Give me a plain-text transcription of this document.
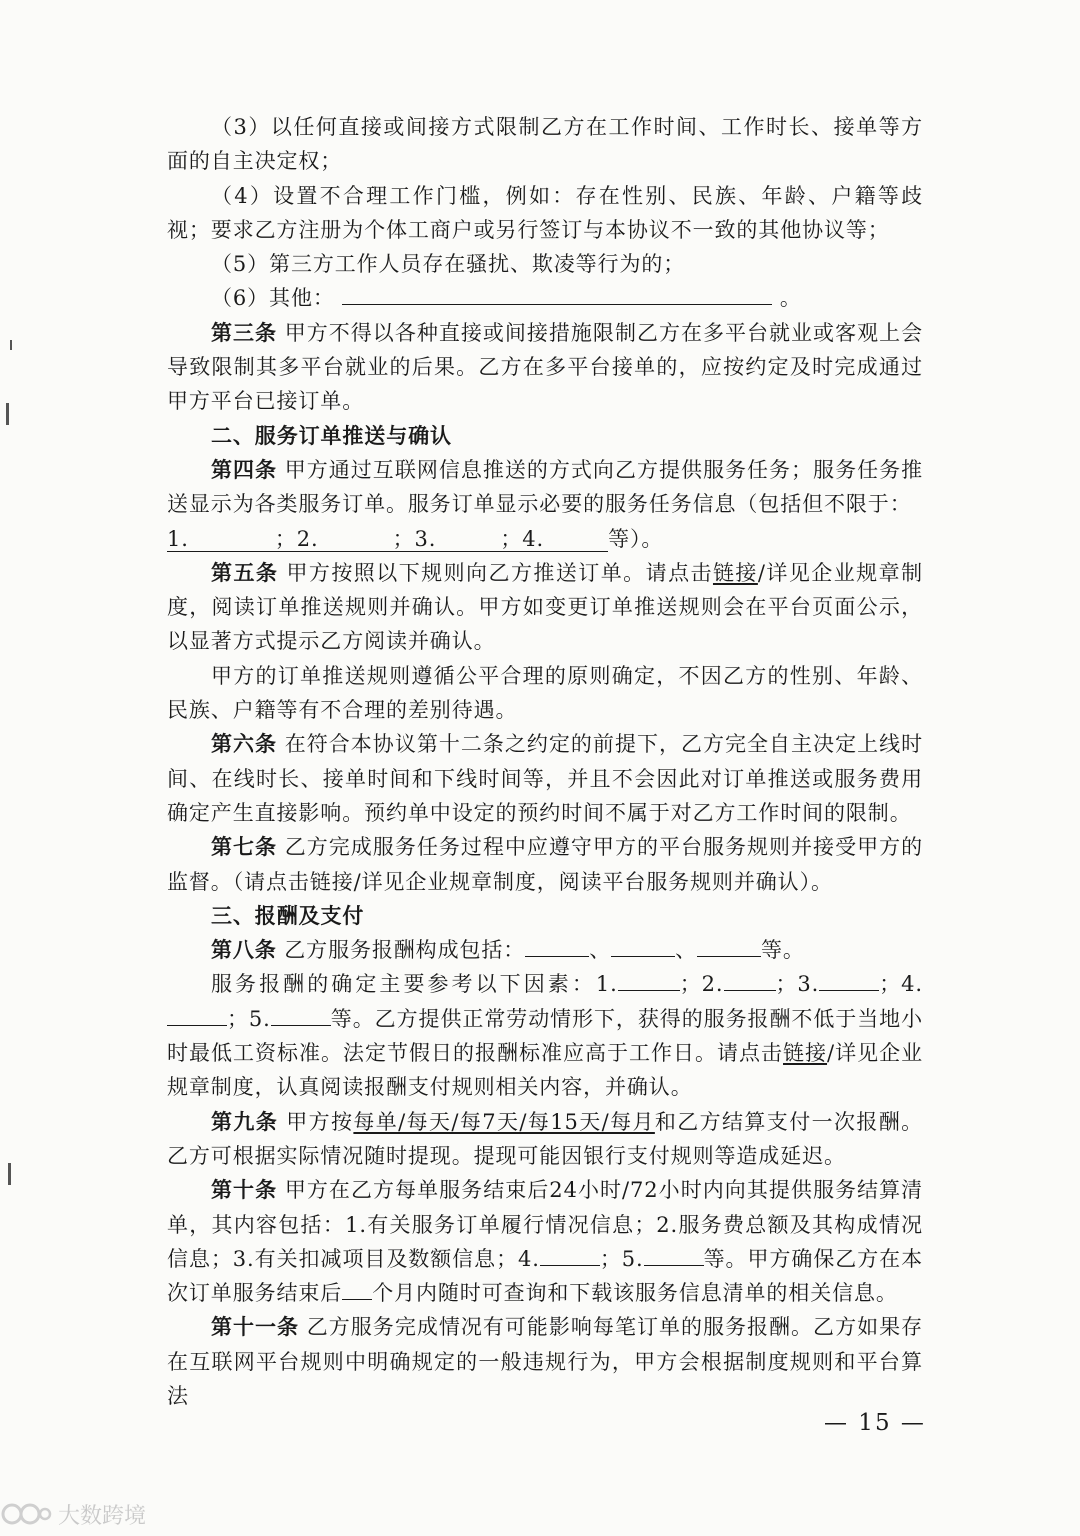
（3）以任何直接或间接方式限制乙方在工作时间、工作时长、接单等方面的自主决定权；

（4）设置不合理工作门槛，例如：存在性别、民族、年龄、户籍等歧视；要求乙方注册为个体工商户或另行签订与本协议不一致的其他协议等；

（5）第三方工作人员存在骚扰、欺凌等行为的；

（6）其他：	。

第三条 甲方不得以各种直接或间接措施限制乙方在多平台就业或客观上会导致限制其多平台就业的后果。乙方在多平台接单的，应按约定及时完成通过甲方平台已接订单。

二、服务订单推送与确认

第四条 甲方通过互联网信息推送的方式向乙方提供服务任务；服务任务推送显示为各类服务订单。服务订单显示必要的服务任务信息（包括但不限于：

1.	；2.	；3.	；4.	等）。

第五条 甲方按照以下规则向乙方推送订单。请点击链接/详见企业规章制度，阅读订单推送规则并确认。甲方如变更订单推送规则会在平台页面公示，以显著方式提示乙方阅读并确认。

甲方的订单推送规则遵循公平合理的原则确定，不因乙方的性别、年龄、民族、户籍等有不合理的差别待遇。

第六条 在符合本协议第十二条之约定的前提下，乙方完全自主决定上线时间、在线时长、接单时间和下线时间等，并且不会因此对订单推送或服务费用确定产生直接影响。预约单中设定的预约时间不属于对乙方工作时间的限制。

第七条 乙方完成服务任务过程中应遵守甲方的平台服务规则并接受甲方的监督。（请点击链接/详见企业规章制度，阅读平台服务规则并确认）。

三、报酬及支付

第八条 乙方服务报酬构成包括：	、	、	等。

服务报酬的确定主要参考以下因素：1.	；2. ；3.	；4.；5.	等。乙方提供正常劳动情形下，获得的服务报酬不低于当地小时最低工资标准。法定节假日的报酬标准应高于工作日。请点击链接/详见企业规章制度，认真阅读报酬支付规则相关内容，并确认。

第九条 甲方按每单/每天/每7天/每15天/每月和乙方结算支付一次报酬。乙方可根据实际情况随时提现。提现可能因银行支付规则等造成延迟。

第十条 甲方在乙方每单服务结束后24小时/72小时内向其提供服务结算清单，其内容包括：1.有关服务订单履行情况信息；2.服务费总额及其构成情况信息；3.有关扣减项目及数额信息；4.	；5.	等。甲方确保乙方在本次订单服务结束后 个月内随时可查询和下载该服务信息清单的相关信息。

第十一条 乙方服务完成情况有可能影响每笔订单的服务报酬。乙方如果存在互联网平台规则中明确规定的一般违规行为，甲方会根据制度规则和平台算法

— 15 —
大数跨境
